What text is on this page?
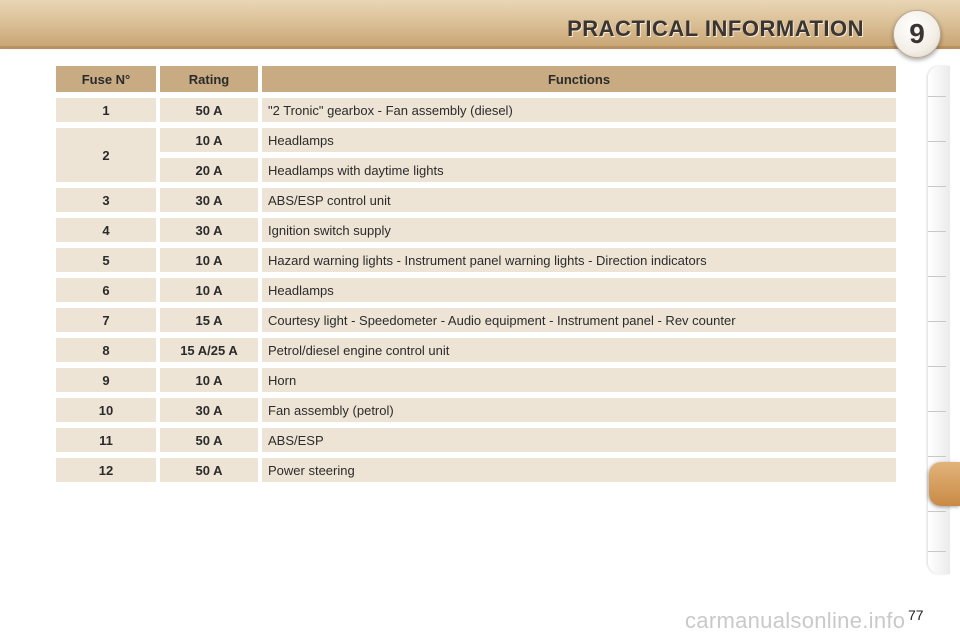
PRACTICAL INFORMATION 9
Fuse N°	Rating	Functions
1	50 A	"2 Tronic" gearbox - Fan assembly (diesel)
2	10 A	Headlamps
	20 A	Headlamps with daytime lights
3	30 A	ABS/ESP control unit
4	30 A	Ignition switch supply
5	10 A	Hazard warning lights - Instrument panel warning lights - Direction indicators
6	10 A	Headlamps
7	15 A	Courtesy light - Speedometer - Audio equipment - Instrument panel - Rev counter
8	15 A/25 A	Petrol/diesel engine control unit
9	10 A	Horn
10	30 A	Fan assembly (petrol)
11	50 A	ABS/ESP
12	50 A	Power steering
77
carmanualsonline.info
